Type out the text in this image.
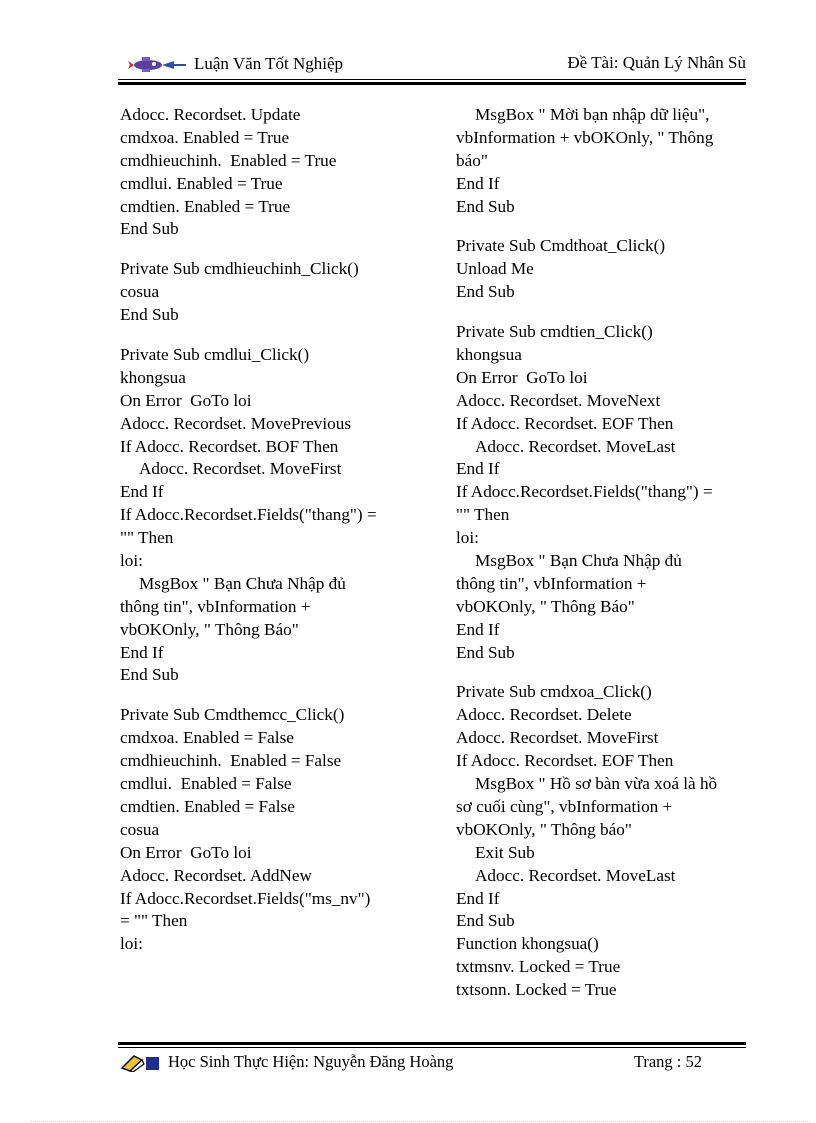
Luận Văn Tốt Nghiệp	Đề Tài: Quản Lý Nhân Sù
Adocc. Recordset. Update
cmdxoa. Enabled = True
cmdhieuchinh.  Enabled = True
cmdlui. Enabled = True
cmdtien. Enabled = True
End Sub
Private Sub cmdhieuchinh_Click()
cosua
End Sub
Private Sub cmdlui_Click()
khongsua
On Error  GoTo loi
Adocc. Recordset. MovePrevious
If Adocc. Recordset. BOF Then
Adocc. Recordset. MoveFirst
End If
If Adocc.Recordset.Fields("thang") =
"" Then
loi:
MsgBox " Bạn Chưa Nhập đủ
thông tin", vbInformation +
vbOKOnly, " Thông Báo"
End If
End Sub
Private Sub Cmdthemcc_Click()
cmdxoa. Enabled = False
cmdhieuchinh.  Enabled = False
cmdlui.  Enabled = False
cmdtien. Enabled = False
cosua
On Error  GoTo loi
Adocc. Recordset. AddNew
If Adocc.Recordset.Fields("ms_nv")
= "" Then
loi:
MsgBox " Mời bạn nhập dữ liệu",
vbInformation + vbOKOnly, " Thông
báo"
End If
End Sub
Private Sub Cmdthoat_Click()
Unload Me
End Sub
Private Sub cmdtien_Click()
khongsua
On Error  GoTo loi
Adocc. Recordset. MoveNext
If Adocc. Recordset. EOF Then
Adocc. Recordset. MoveLast
End If
If Adocc.Recordset.Fields("thang") =
"" Then
loi:
MsgBox " Bạn Chưa Nhập đủ
thông tin", vbInformation +
vbOKOnly, " Thông Báo"
End If
End Sub
Private Sub cmdxoa_Click()
Adocc. Recordset. Delete
Adocc. Recordset. MoveFirst
If Adocc. Recordset. EOF Then
MsgBox " Hồ sơ bàn vừa xoá là hồ
sơ cuối cùng", vbInformation +
vbOKOnly, " Thông báo"
Exit Sub
Adocc. Recordset. MoveLast
End If
End Sub
Function khongsua()
txtmsnv. Locked = True
txtsonn. Locked = True
Học Sinh Thực Hiện: Nguyễn Đăng Hoàng	Trang : 52
